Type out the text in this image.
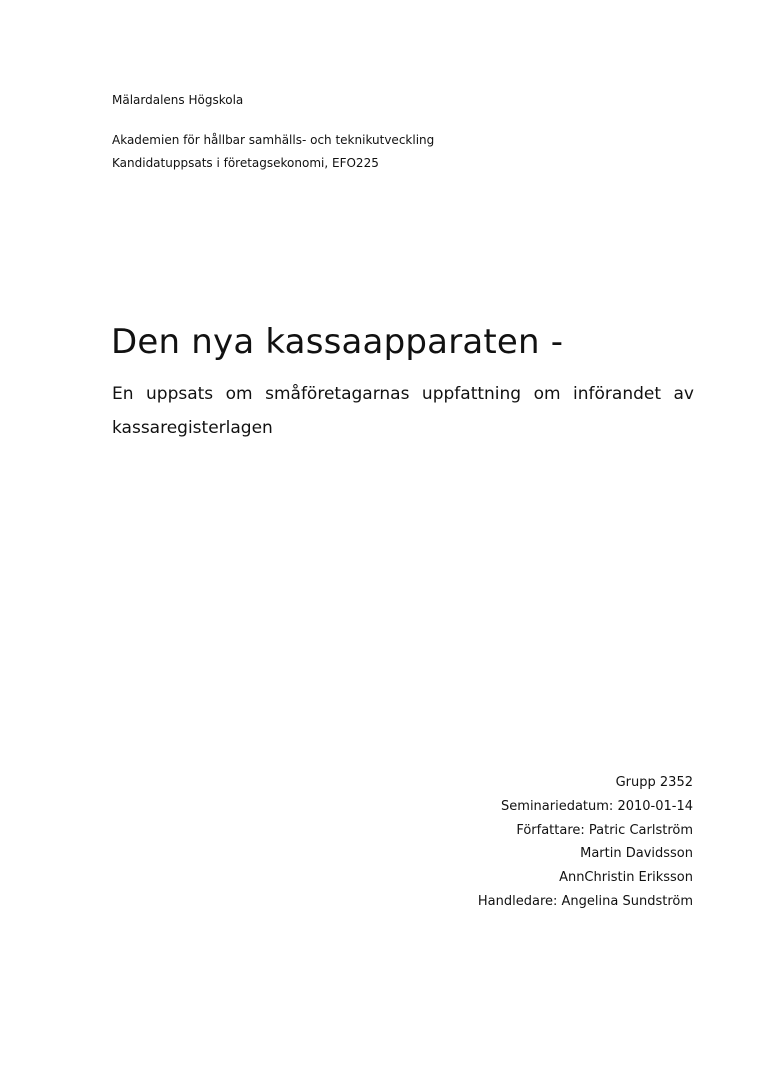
Mälardalens Högskola
Akademien för hållbar samhälls- och teknikutveckling
Kandidatuppsats i företagsekonomi, EFO225
Den nya kassaapparaten -
En uppsats om småföretagarnas uppfattning om införandet av kassaregisterlagen
Grupp 2352
Seminariedatum: 2010-01-14
Författare: Patric Carlström
Martin Davidsson
AnnChristin Eriksson
Handledare: Angelina Sundström
